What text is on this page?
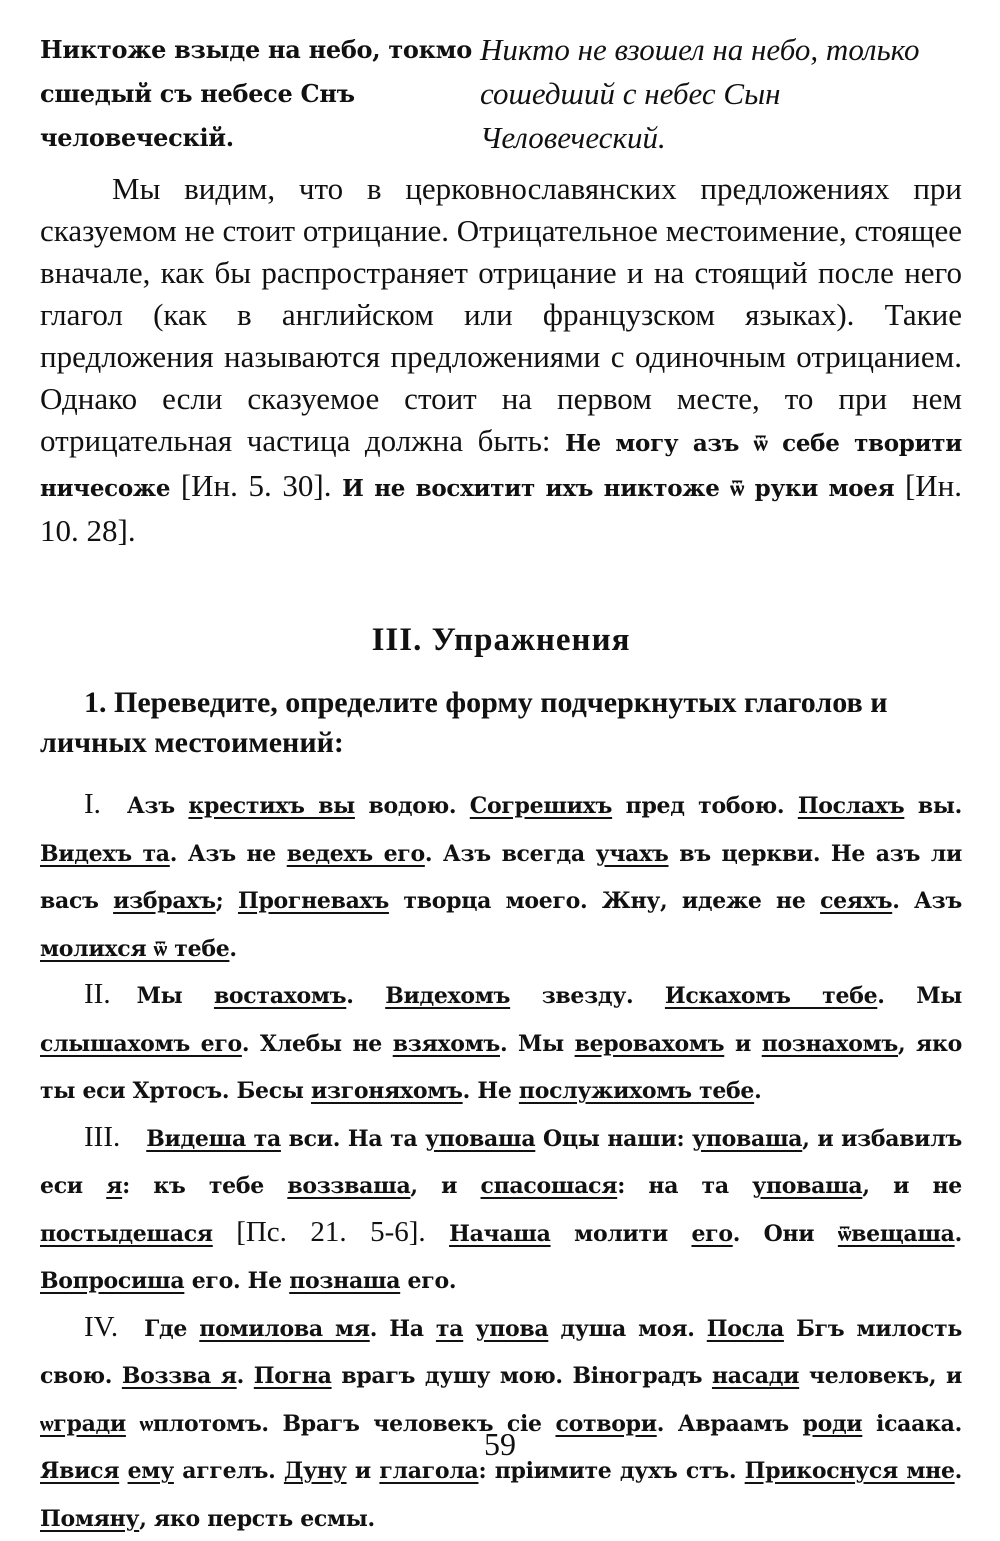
Никтоже взыде на небо, токмо сшедый съ небесе Снъ человеческій.
Никто не взошел на небо, только сошедший с небес Сын Человеческий.

Мы видим, что в церковнославянских предложениях при сказуемом не стоит отрицание. Отрицательное местоимение, стоящее вначале, как бы распространяет отрицание и на стоящий после него глагол (как в английском или французском языках). Такие предложения называются предложениями с одиночным отрицанием. Однако если сказуемое стоит на первом месте, то при нем отрицательная частица должна быть: Не могу азъ ѿ себе творити ничесоже [Ин. 5. 30]. И не восхитит ихъ никтоже ѿ руки моея [Ин. 10. 28].

III. Упражнения
1. Переведите, определите форму подчеркнутых глаголов и личных местоимений:

I. Азъ крестихъ вы водою. Согрешихъ пред тобою. Послахъ вы. Видехъ та. Азъ не ведехъ его. Азъ всегда учахъ въ церкви. Не азъ ли васъ избрахъ; Прогневахъ творца моего. Жну, идеже не сеяхъ. Азъ молихся ѿ тебе.

II. Мы востахомъ. Видехомъ звезду. Искахомъ тебе. Мы слышахомъ его. Хлебы не взяхомъ. Мы веровахомъ и познахомъ, яко ты еси Хртосъ. Бесы изгоняхомъ. Не послужихомъ тебе.

III. Видеша та вси. На та уповаша Оцы наши: уповаша, и избавилъ еси я: къ тебе воззваша, и спасошася: на та уповаша, и не постыдешася [Пс. 21. 5-6]. Начаша молити его. Они ѿвещаша. Вопросиша его. Не познаша его.

IV. Где помилова мя. На та упова душа моя. Посла Бгъ милость свою. Воззва я. Погна врагъ душу мою. Віноградъ насади человекъ, и ѡгради ѡплотомъ. Врагъ человекъ сіе сотвори. Авраамъ роди ісаака. Явися ему аггелъ. Дуну и глагола: пріимите духъ стъ. Прикоснуся мне. Помяну, яко персть есмы.

59
